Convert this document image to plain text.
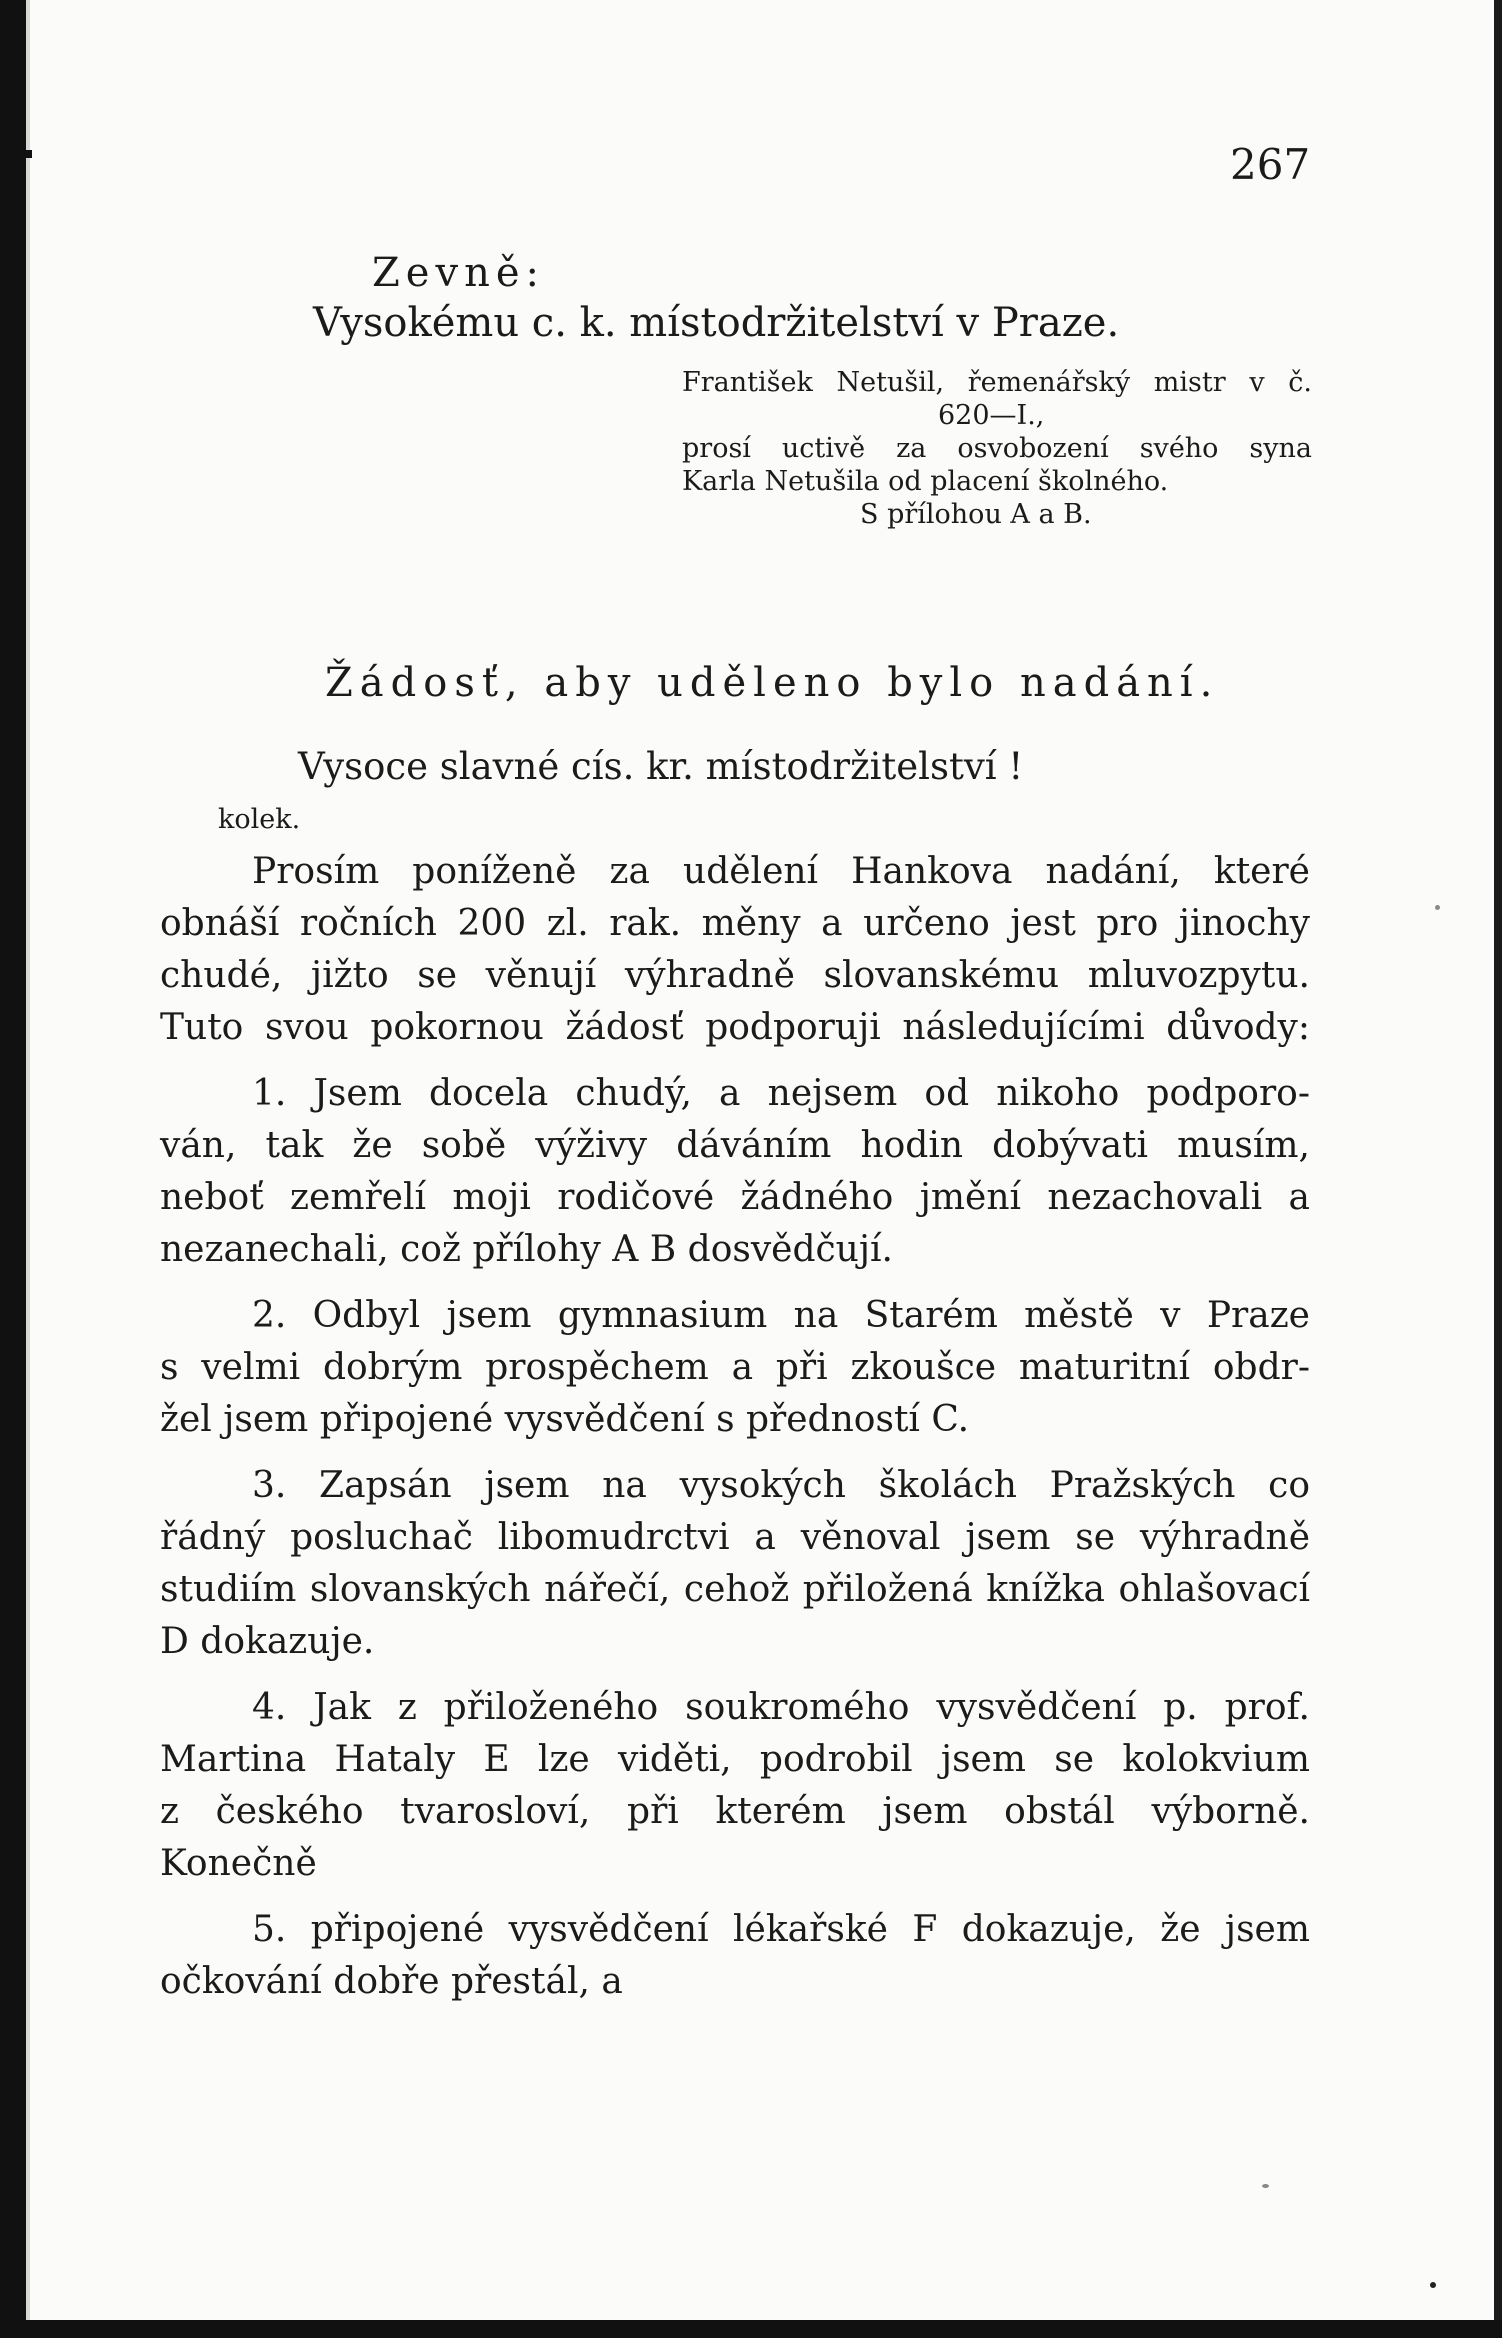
267
Zevně:
Vysokému c. k. místodržitelství v Praze.
František Netušil, řemenářský mistr v č.
620—I.,
prosí uctivě za osvobození svého syna
Karla Netušila od placení školného.
S přílohou A a B.
Žádosť, aby uděleno bylo nadání.
Vysoce slavné cís. kr. místodržitelství !
kolek.
Prosím poníženě za udělení Hankova nadání, které
obnáší ročních 200 zl. rak. měny a určeno jest pro jinochy
chudé, jižto se věnují výhradně slovanskému mluvozpytu.
Tuto svou pokornou žádosť podporuji následujícími důvody:
1. Jsem docela chudý, a nejsem od nikoho podporo-
ván, tak že sobě výživy dáváním hodin dobývati musím,
neboť zemřelí moji rodičové žádného jmění nezachovali a
nezanechali, což přílohy A B dosvědčují.
2. Odbyl jsem gymnasium na Starém městě v Praze
s velmi dobrým prospěchem a při zkoušce maturitní obdr-
žel jsem připojené vysvědčení s předností C.
3. Zapsán jsem na vysokých školách Pražských co
řádný posluchač libomudrctvi a věnoval jsem se výhradně
studiím slovanských nářečí, cehož přiložená knížka ohlašovací
D dokazuje.
4. Jak z přiloženého soukromého vysvědčení p. prof.
Martina Hataly E lze viděti, podrobil jsem se kolokvium
z českého tvarosloví, při kterém jsem obstál výborně.
Konečně
5. připojené vysvědčení lékařské F dokazuje, že jsem
očkování dobře přestál, a
